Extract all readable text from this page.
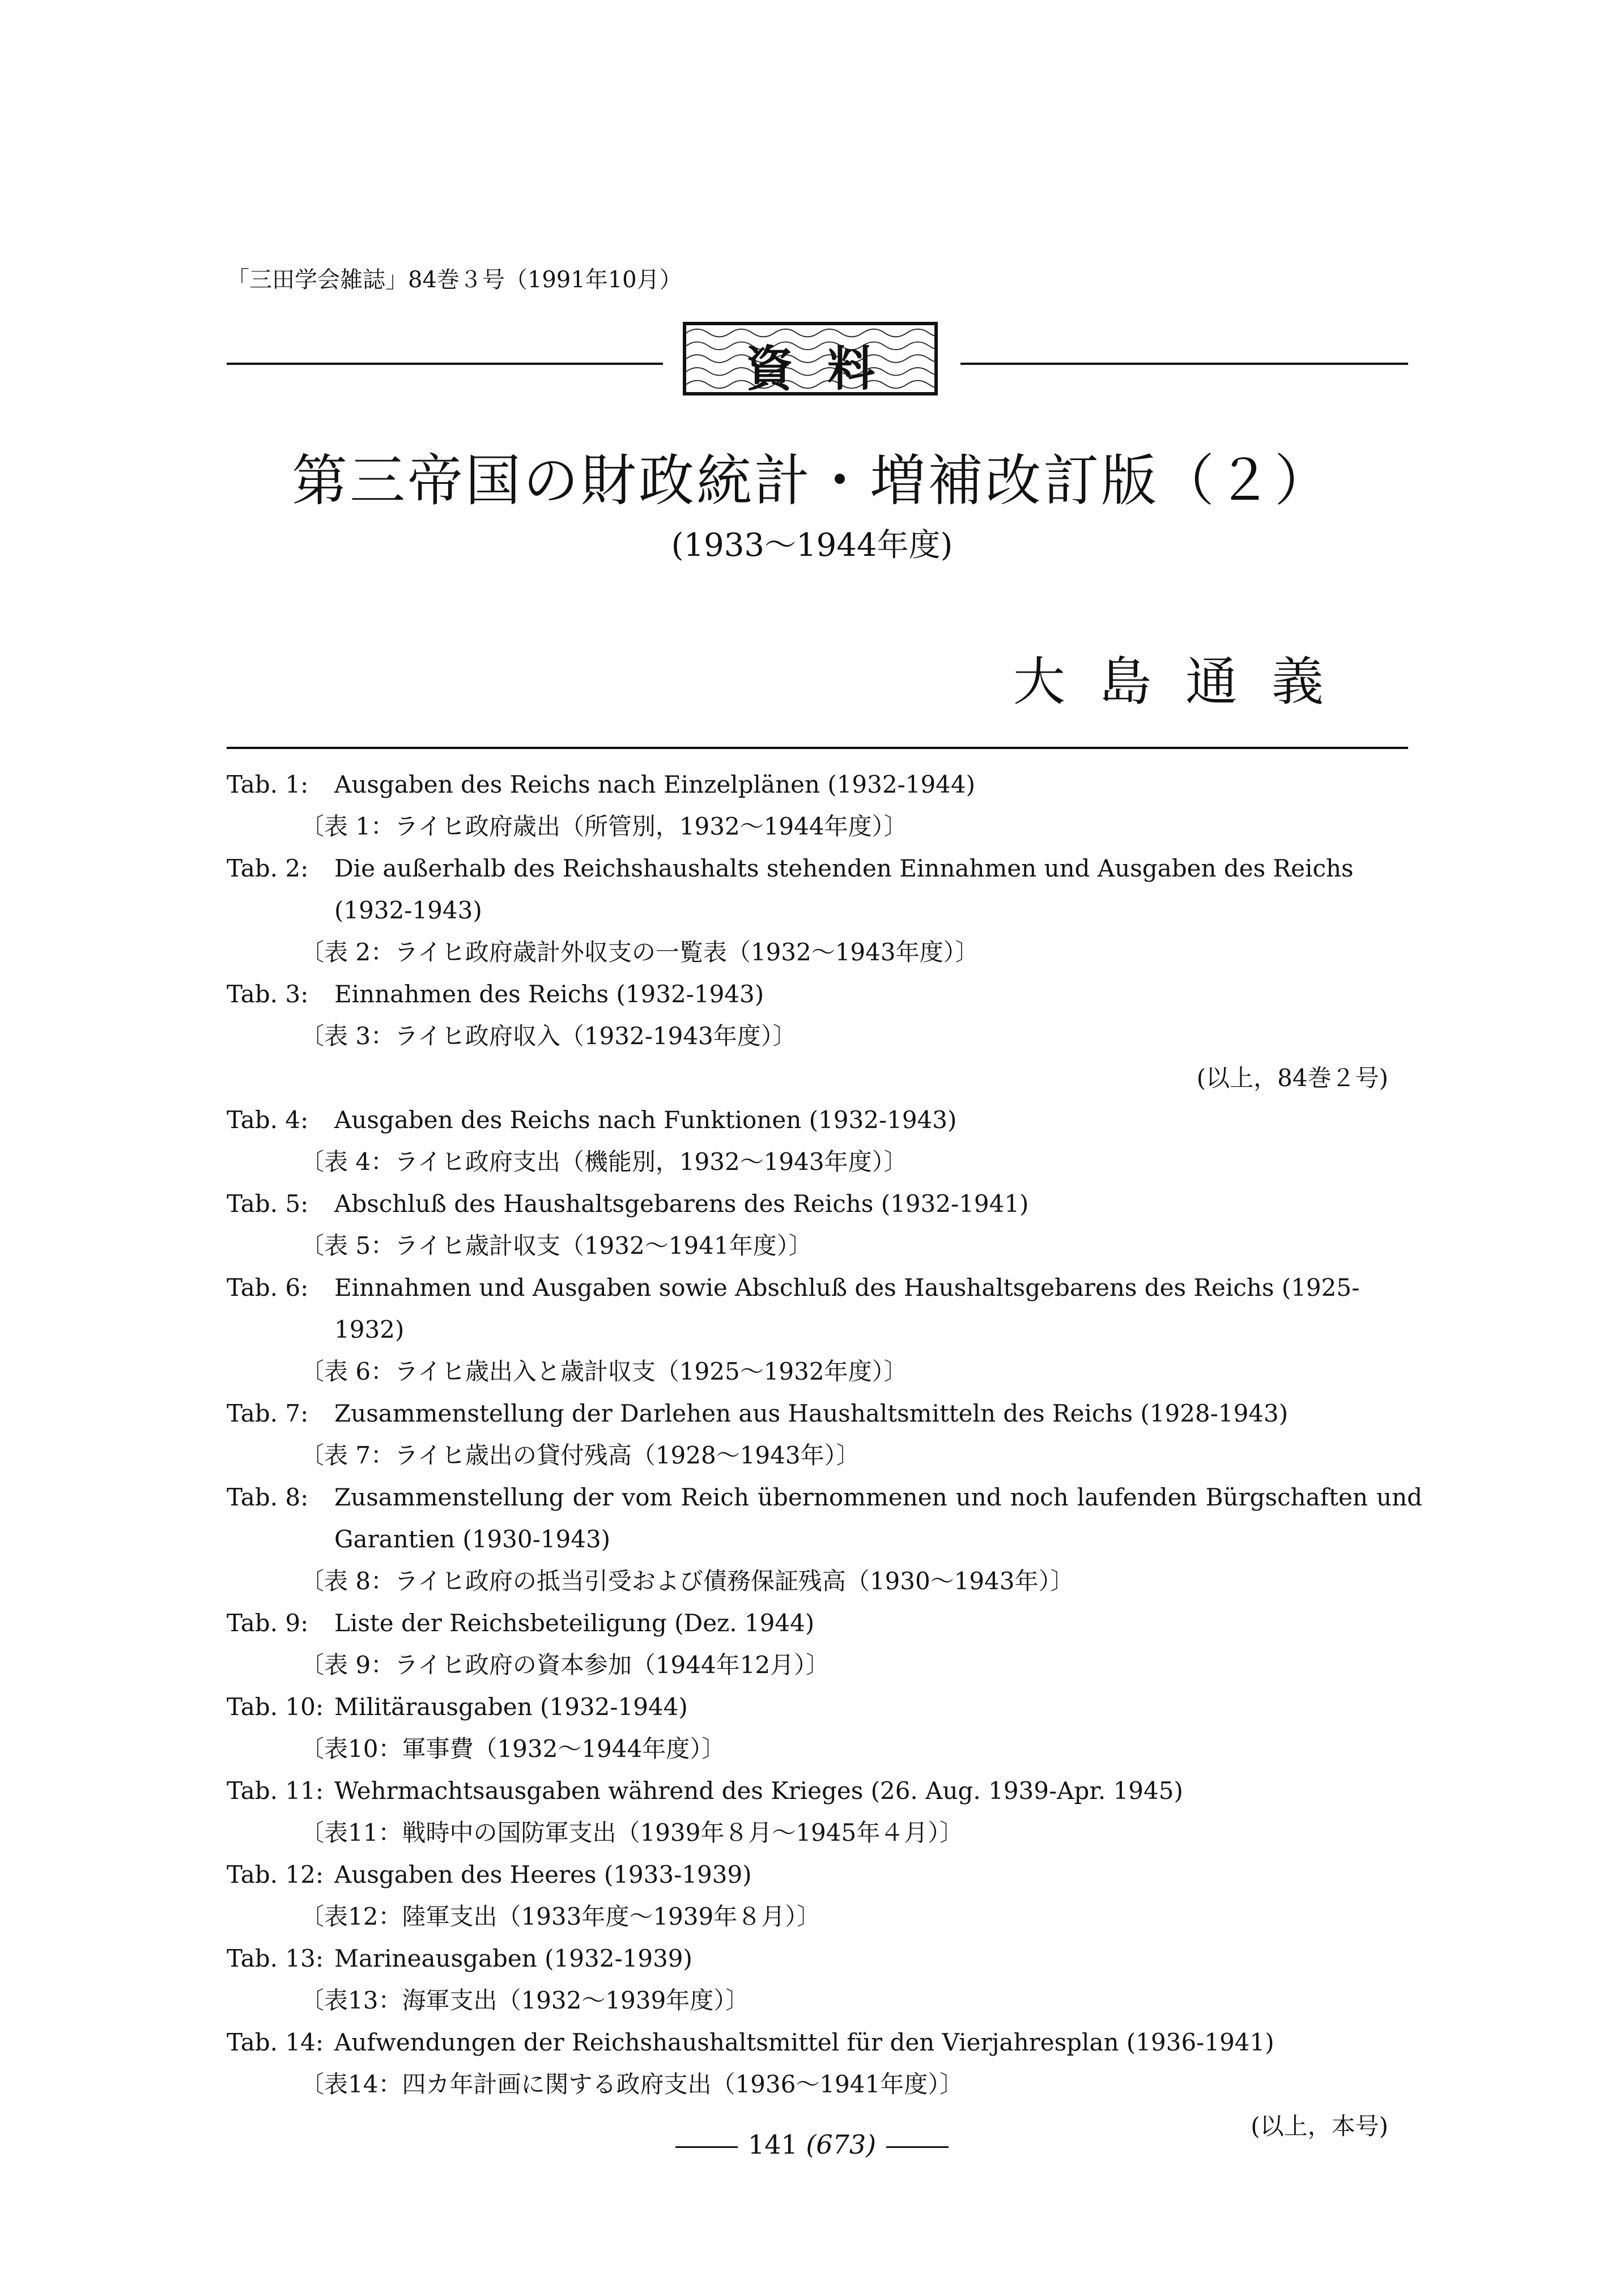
「三田学会雑誌」84巻３号（1991年10月）
資料
第三帝国の財政統計・増補改訂版（２）
(1933〜1944年度)
大島通義
Tab. 1:	Ausgaben des Reichs nach Einzelplänen (1932-1944)
〔表 1：ライヒ政府歳出（所管別，1932〜1944年度）〕
Tab. 2:	Die außerhalb des Reichshaushalts stehenden Einnahmen und Ausgaben des Reichs (1932-1943)
〔表 2：ライヒ政府歳計外収支の一覧表（1932〜1943年度）〕
Tab. 3:	Einnahmen des Reichs (1932-1943)
〔表 3：ライヒ政府収入（1932-1943年度）〕
(以上，84巻２号)
Tab. 4:	Ausgaben des Reichs nach Funktionen (1932-1943)
〔表 4：ライヒ政府支出（機能別，1932〜1943年度）〕
Tab. 5:	Abschluß des Haushaltsgebarens des Reichs (1932-1941)
〔表 5：ライヒ歳計収支（1932〜1941年度）〕
Tab. 6:	Einnahmen und Ausgaben sowie Abschluß des Haushaltsgebarens des Reichs (1925-1932)
〔表 6：ライヒ歳出入と歳計収支（1925〜1932年度）〕
Tab. 7:	Zusammenstellung der Darlehen aus Haushaltsmitteln des Reichs (1928-1943)
〔表 7：ライヒ歳出の貸付残高（1928〜1943年）〕
Tab. 8:	Zusammenstellung der vom Reich übernommenen und noch laufenden Bürgschaften und
Garantien (1930-1943)
〔表 8：ライヒ政府の抵当引受および債務保証残高（1930〜1943年）〕
Tab. 9:	Liste der Reichsbeteiligung (Dez. 1944)
〔表 9：ライヒ政府の資本参加（1944年12月）〕
Tab. 10: Militärausgaben (1932-1944)
〔表10：軍事費（1932〜1944年度）〕
Tab. 11: Wehrmachtsausgaben während des Krieges (26. Aug. 1939-Apr. 1945)
〔表11：戦時中の国防軍支出（1939年８月〜1945年４月）〕
Tab. 12: Ausgaben des Heeres (1933-1939)
〔表12：陸軍支出（1933年度〜1939年８月）〕
Tab. 13: Marineausgaben (1932-1939)
〔表13：海軍支出（1932〜1939年度）〕
Tab. 14: Aufwendungen der Reichshaushaltsmittel für den Vierjahresplan (1936-1941)
〔表14：四カ年計画に関する政府支出（1936〜1941年度）〕
(以上，本号)
141 (673)
